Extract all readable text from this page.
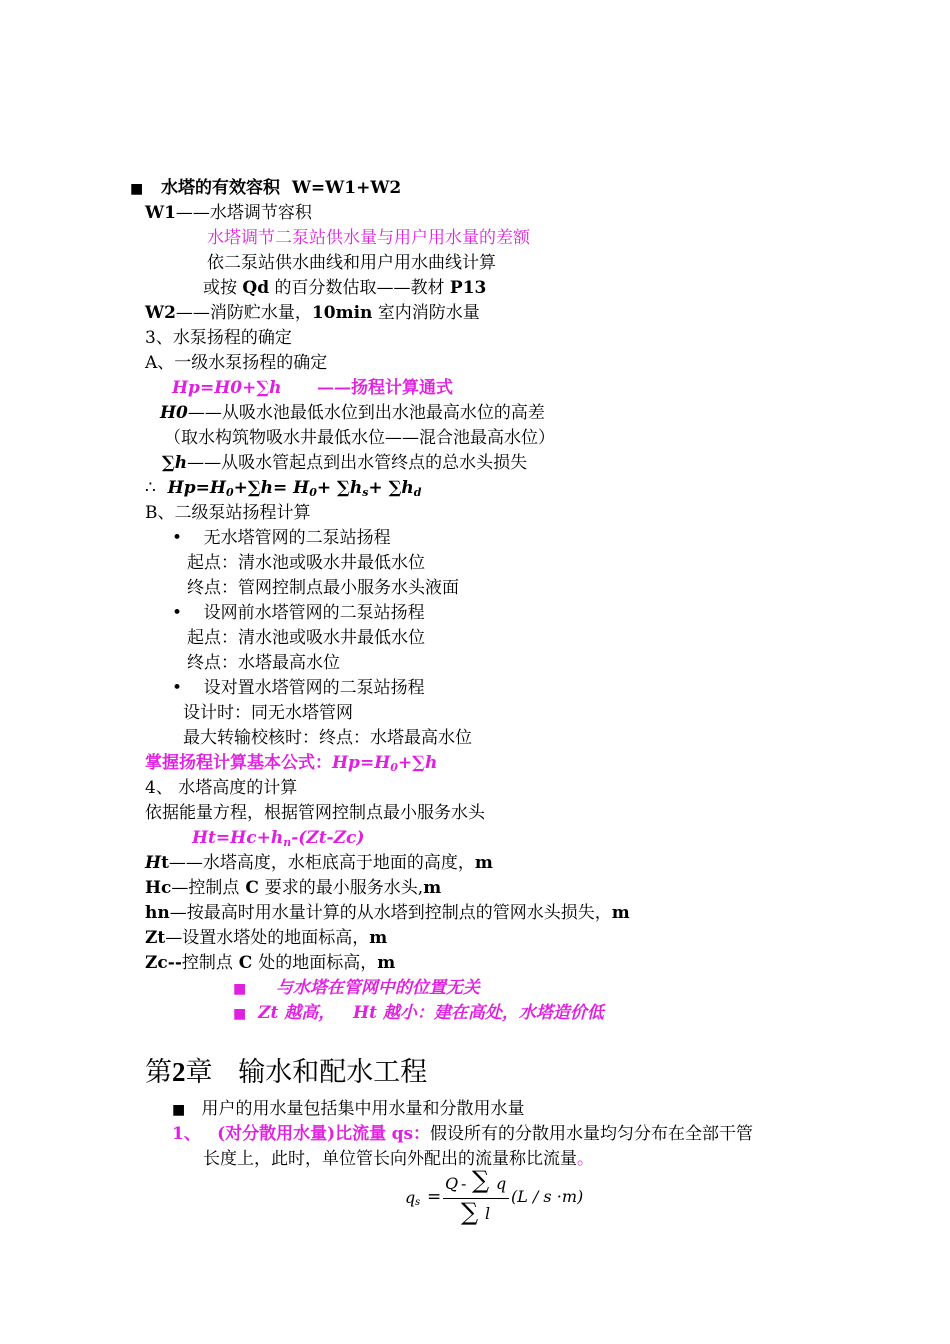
■ 水塔的有效容积 W=W1+W2
W1——水塔调节容积
水塔调节二泵站供水量与用户用水量的差额
依二泵站供水曲线和用户用水曲线计算
或按 Qd 的百分数估取——教材 P13
W2——消防贮水量，10min 室内消防水量
3、水泵扬程的确定
A、一级水泵扬程的确定
Hp=H0+∑h ——扬程计算通式
H0——从吸水池最低水位到出水池最高水位的高差
（取水构筑物吸水井最低水位——混合池最高水位）
∑h——从吸水管起点到出水管终点的总水头损失
∴ $Hp=H_0+\sum h= H_0+ \sum h_s+ \sum h_d$
B、二级泵站扬程计算
• 无水塔管网的二泵站扬程
起点：清水池或吸水井最低水位
终点：管网控制点最小服务水头液面
• 设网前水塔管网的二泵站扬程
起点：清水池或吸水井最低水位
终点：水塔最高水位
• 设对置水塔管网的二泵站扬程
设计时：同无水塔管网
最大转输校核时：终点：水塔最高水位
掌握扬程计算基本公式：$Hp=H_0+\sum h$
4、 水塔高度的计算
依据能量方程，根据管网控制点最小服务水头
$Ht=Hc+h_n-(Zt-Zc)$
Ht——水塔高度，水柜底高于地面的高度，m
Hc—控制点 C 要求的最小服务水头,m
hn—按最高时用水量计算的从水塔到控制点的管网水头损失，m
Zt—设置水塔处的地面标高，m
Zc--控制点 C 处的地面标高，m
■ 与水塔在管网中的位置无关
■ Zt 越高， Ht 越小：建在高处，水塔造价低
第2章 输水和配水工程
■ 用户的用水量包括集中用水量和分散用水量
1、 (对分散用水量)比流量 qs：假设所有的分散用水量均匀分布在全部干管
长度上，此时，单位管长向外配出的流量称比流量。
q s =
Q - ∑ q
∑ l
(L / s ·m)
